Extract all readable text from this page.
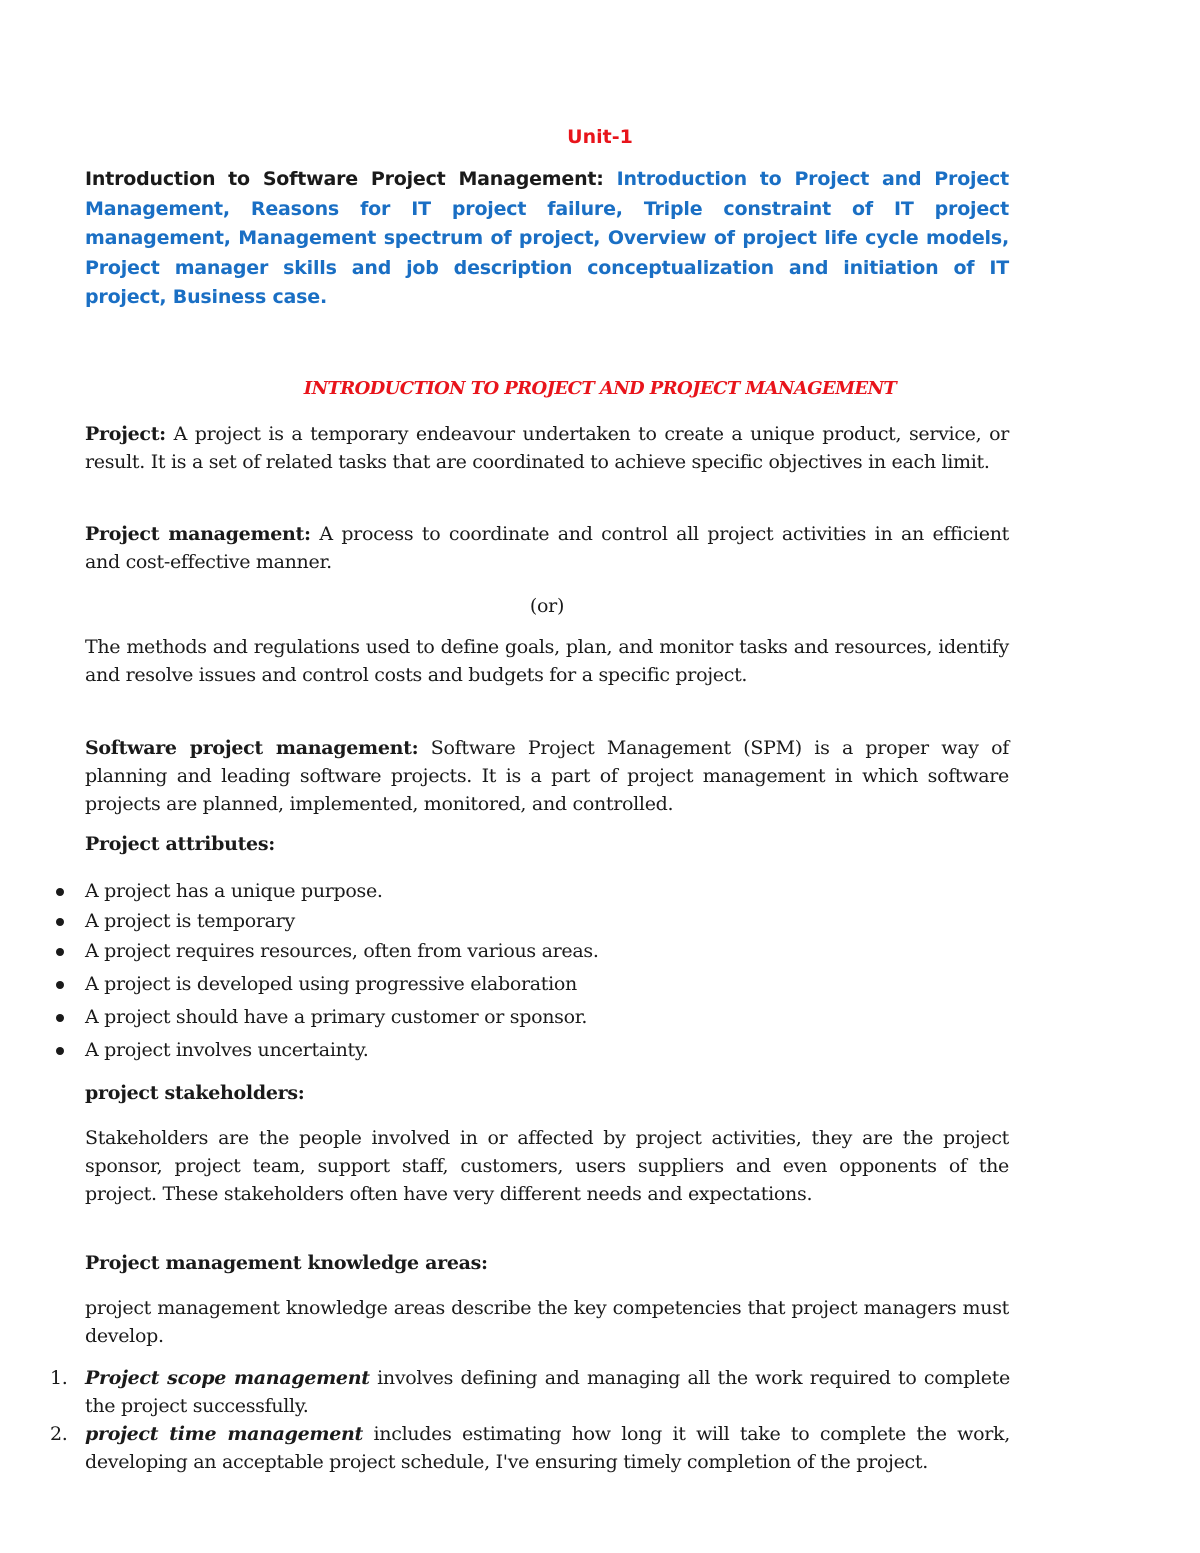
Unit-1
Introduction to Software Project Management: Introduction to Project and Project Management, Reasons for IT project failure, Triple constraint of IT project management, Management spectrum of project, Overview of project life cycle models, Project manager skills and job description conceptualization and initiation of IT project, Business case.
INTRODUCTION TO PROJECT AND PROJECT MANAGEMENT
Project: A project is a temporary endeavour undertaken to create a unique product, service, or result. It is a set of related tasks that are coordinated to achieve specific objectives in each limit.
Project management: A process to coordinate and control all project activities in an efficient and cost-effective manner.
(or)
The methods and regulations used to define goals, plan, and monitor tasks and resources, identify and resolve issues and control costs and budgets for a specific project.
Software project management: Software Project Management (SPM) is a proper way of planning and leading software projects. It is a part of project management in which software projects are planned, implemented, monitored, and controlled.
Project attributes:
A project has a unique purpose.
A project is temporary
A project requires resources, often from various areas.
A project is developed using progressive elaboration
A project should have a primary customer or sponsor.
A project involves uncertainty.
project stakeholders:
Stakeholders are the people involved in or affected by project activities, they are the project sponsor, project team, support staff, customers, users suppliers and even opponents of the project. These stakeholders often have very different needs and expectations.
Project management knowledge areas:
project management knowledge areas describe the key competencies that project managers must develop.
1. Project scope management involves defining and managing all the work required to complete the project successfully.
2. project time management includes estimating how long it will take to complete the work, developing an acceptable project schedule, I've ensuring timely completion of the project.
